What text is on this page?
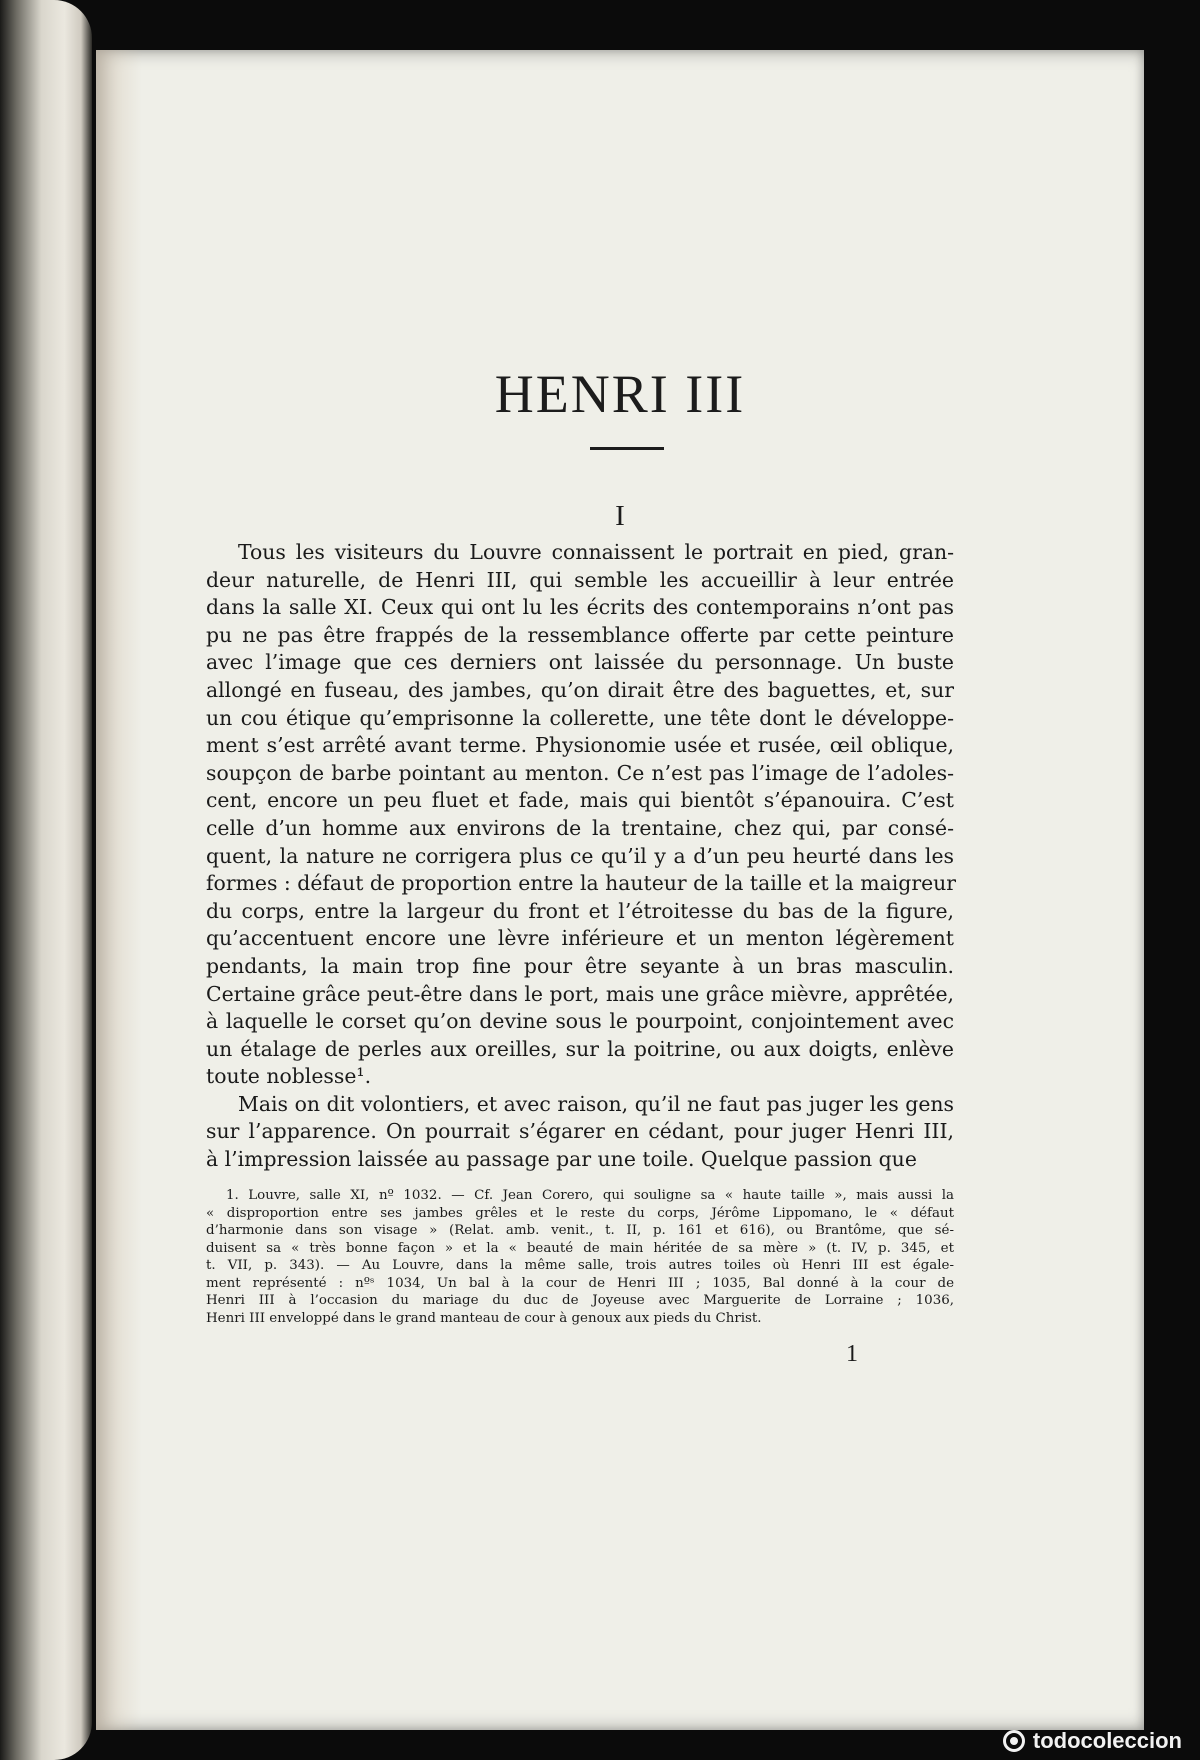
HENRI III
I
Tous les visiteurs du Louvre connaissent le portrait en pied, gran-
deur naturelle, de Henri III, qui semble les accueillir à leur entrée
dans la salle XI. Ceux qui ont lu les écrits des contemporains n’ont pas
pu ne pas être frappés de la ressemblance offerte par cette peinture
avec l’image que ces derniers ont laissée du personnage. Un buste
allongé en fuseau, des jambes, qu’on dirait être des baguettes, et, sur
un cou étique qu’emprisonne la collerette, une tête dont le développe-
ment s’est arrêté avant terme. Physionomie usée et rusée, œil oblique,
soupçon de barbe pointant au menton. Ce n’est pas l’image de l’adoles-
cent, encore un peu fluet et fade, mais qui bientôt s’épanouira. C’est
celle d’un homme aux environs de la trentaine, chez qui, par consé-
quent, la nature ne corrigera plus ce qu’il y a d’un peu heurté dans les
formes : défaut de proportion entre la hauteur de la taille et la maigreur
du corps, entre la largeur du front et l’étroitesse du bas de la figure,
qu’accentuent encore une lèvre inférieure et un menton légèrement
pendants, la main trop fine pour être seyante à un bras masculin.
Certaine grâce peut-être dans le port, mais une grâce mièvre, apprêtée,
à laquelle le corset qu’on devine sous le pourpoint, conjointement avec
un étalage de perles aux oreilles, sur la poitrine, ou aux doigts, enlève
toute noblesse¹.
Mais on dit volontiers, et avec raison, qu’il ne faut pas juger les gens
sur l’apparence. On pourrait s’égarer en cédant, pour juger Henri III,
à l’impression laissée au passage par une toile. Quelque passion que
1. Louvre, salle XI, nº 1032. — Cf. Jean Corero, qui souligne sa « haute taille », mais aussi la
« disproportion entre ses jambes grêles et le reste du corps, Jérôme Lippomano, le « défaut
d’harmonie dans son visage » (Relat. amb. venit., t. II, p. 161 et 616), ou Brantôme, que sé-
duisent sa « très bonne façon » et la « beauté de main héritée de sa mère » (t. IV, p. 345, et
t. VII, p. 343). — Au Louvre, dans la même salle, trois autres toiles où Henri III est égale-
ment représenté : nºˢ 1034, Un bal à la cour de Henri III ; 1035, Bal donné à la cour de
Henri III à l’occasion du mariage du duc de Joyeuse avec Marguerite de Lorraine ; 1036,
Henri III enveloppé dans le grand manteau de cour à genoux aux pieds du Christ.
1
todocoleccion
